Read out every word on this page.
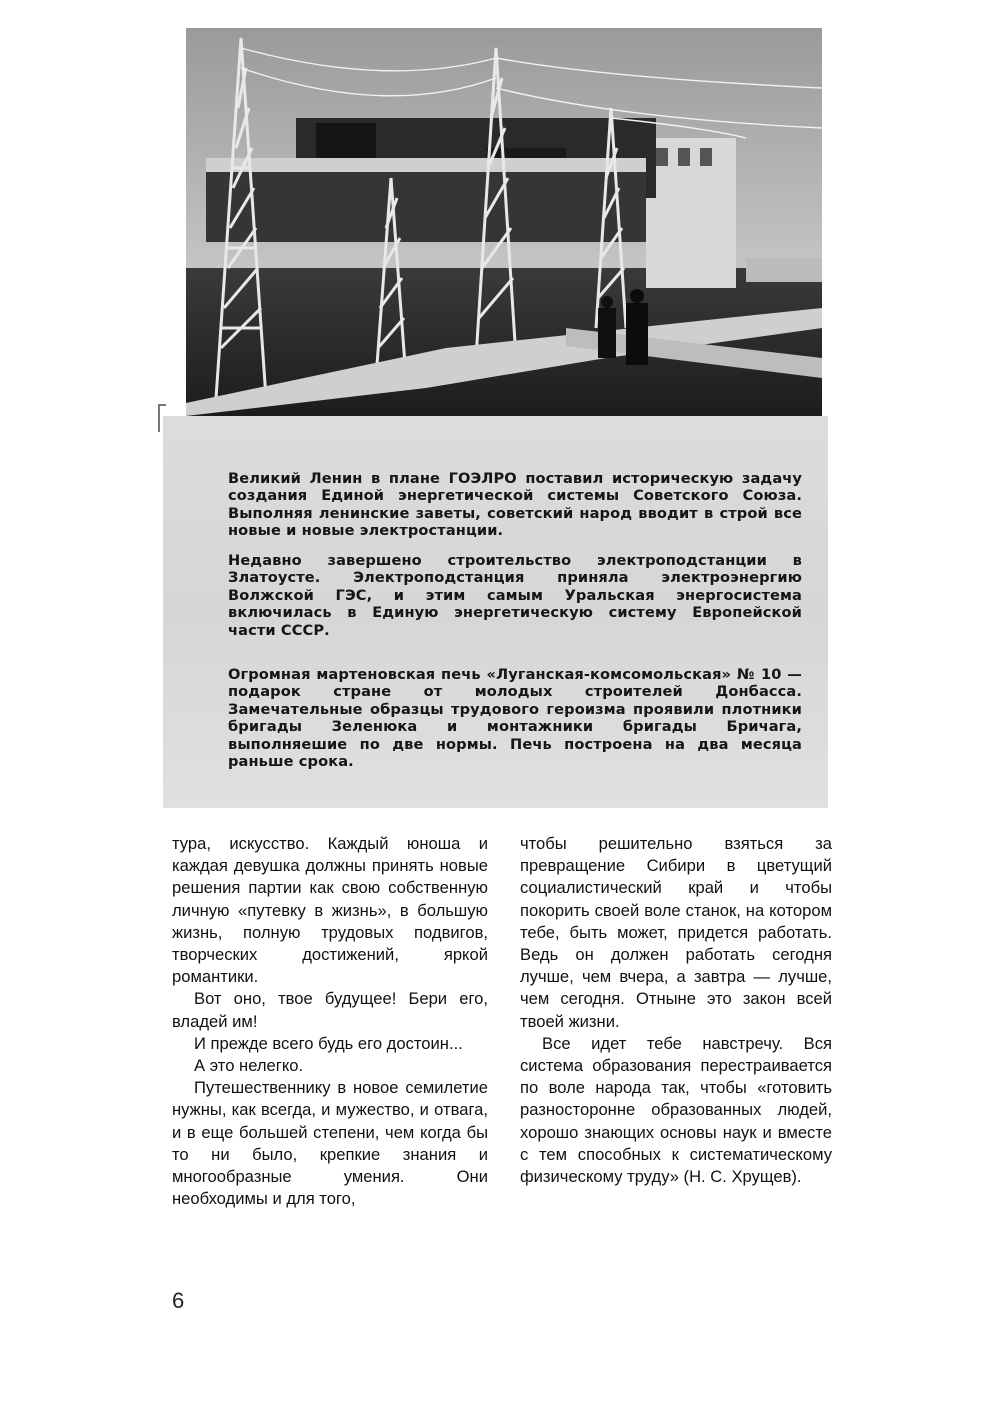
Великий Ленин в плане ГОЭЛРО поставил историческую задачу создания Единой энергетической системы Советского Союза. Выполняя ленинские заветы, советский народ вводит в строй все новые и новые электростанции.

Недавно завершено строительство электроподстанции в Златоусте. Электроподстанция приняла электроэнергию Волжской ГЭС, и этим самым Уральская энергосистема включилась в Единую энергетическую систему Европейской части СССР.

Огромная мартеновская печь «Луганская-комсомольская» № 10 — подарок стране от молодых строителей Донбасса. Замечательные образцы трудового героизма проявили плотники бригады Зеленюка и монтажники бригады Бричага, выполняешие по две нормы. Печь построена на два месяца раньше срока.

тура, искусство. Каждый юноша и каждая девушка должны принять новые решения партии как свою собственную личную «путевку в жизнь», в большую жизнь, полную трудовых подвигов, творческих достижений, яркой романтики.

Вот оно, твое будущее! Бери его, владей им!

И прежде всего будь его достоин...

А это нелегко.

Путешественнику в новое семилетие нужны, как всегда, и мужество, и отвага, и в еще большей степени, чем когда бы то ни было, крепкие знания и многообразные умения. Они необходимы и для того,

чтобы решительно взяться за превращение Сибири в цветущий социалистический край и чтобы покорить своей воле станок, на котором тебе, быть может, придется работать. Ведь он должен работать сегодня лучше, чем вчера, а завтра — лучше, чем сегодня. Отныне это закон всей твоей жизни.

Все идет тебе навстречу. Вся система образования перестраивается по воле народа так, чтобы «готовить разносторонне образованных людей, хорошо знающих основы наук и вместе с тем способных к систематическому физическому труду» (Н. С. Хрущев).

6
